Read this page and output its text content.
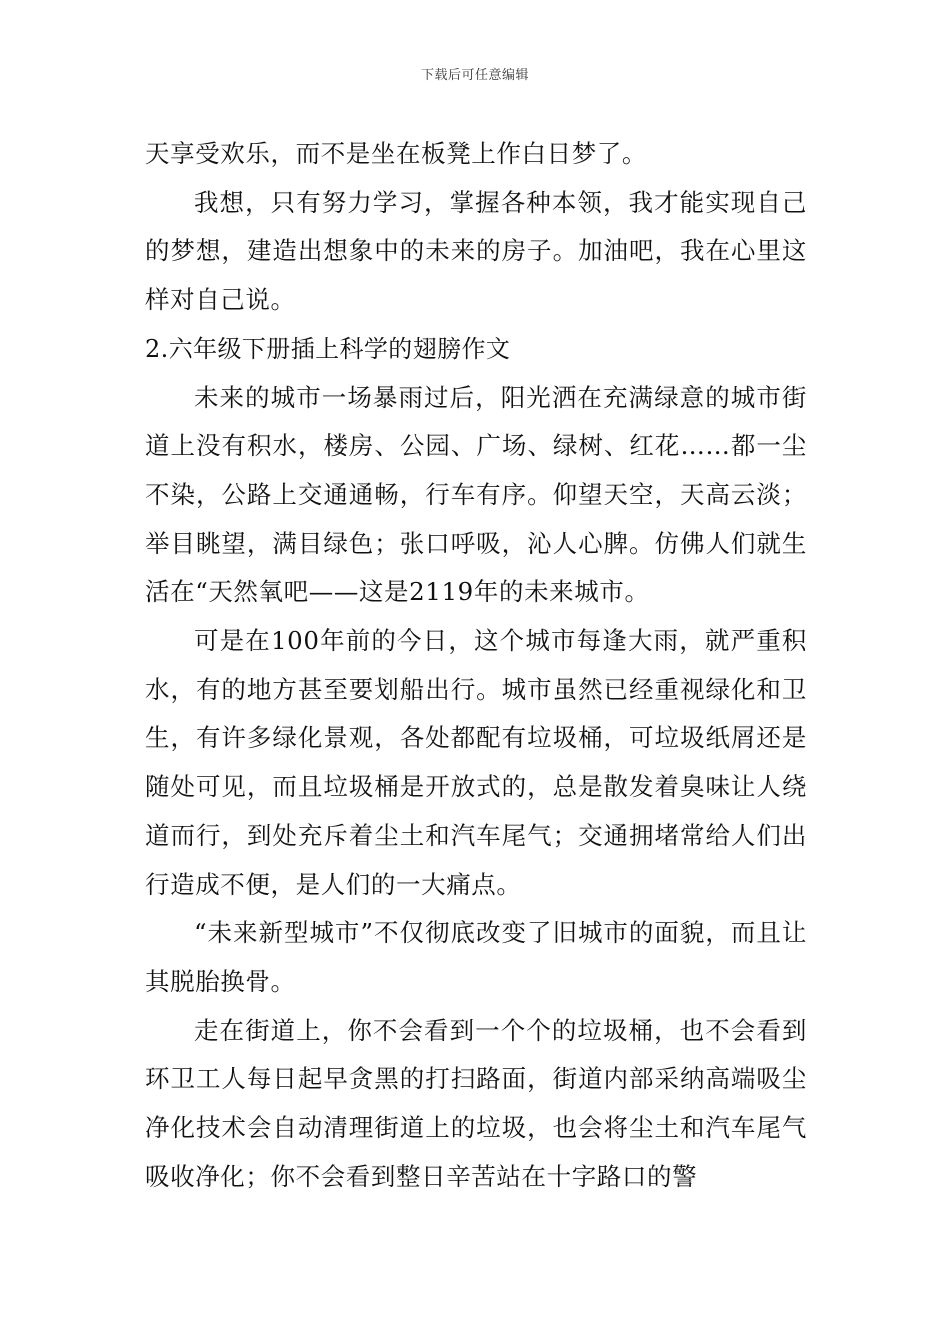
下载后可任意编辑

天享受欢乐，而不是坐在板凳上作白日梦了。

我想，只有努力学习，掌握各种本领，我才能实现自己的梦想，建造出想象中的未来的房子。加油吧，我在心里这样对自己说。

2.六年级下册插上科学的翅膀作文

未来的城市一场暴雨过后，阳光洒在充满绿意的城市街道上没有积水，楼房、公园、广场、绿树、红花……都一尘不染，公路上交通通畅，行车有序。仰望天空，天高云淡；举目眺望，满目绿色；张口呼吸，沁人心脾。仿佛人们就生活在“天然氧吧——这是2119年的未来城市。

可是在100年前的今日，这个城市每逢大雨，就严重积水，有的地方甚至要划船出行。城市虽然已经重视绿化和卫生，有许多绿化景观，各处都配有垃圾桶，可垃圾纸屑还是随处可见，而且垃圾桶是开放式的，总是散发着臭味让人绕道而行，到处充斥着尘土和汽车尾气；交通拥堵常给人们出行造成不便，是人们的一大痛点。

“未来新型城市”不仅彻底改变了旧城市的面貌，而且让其脱胎换骨。

走在街道上，你不会看到一个个的垃圾桶，也不会看到环卫工人每日起早贪黑的打扫路面，街道内部采纳高端吸尘净化技术会自动清理街道上的垃圾，也会将尘土和汽车尾气吸收净化；你不会看到整日辛苦站在十字路口的警
